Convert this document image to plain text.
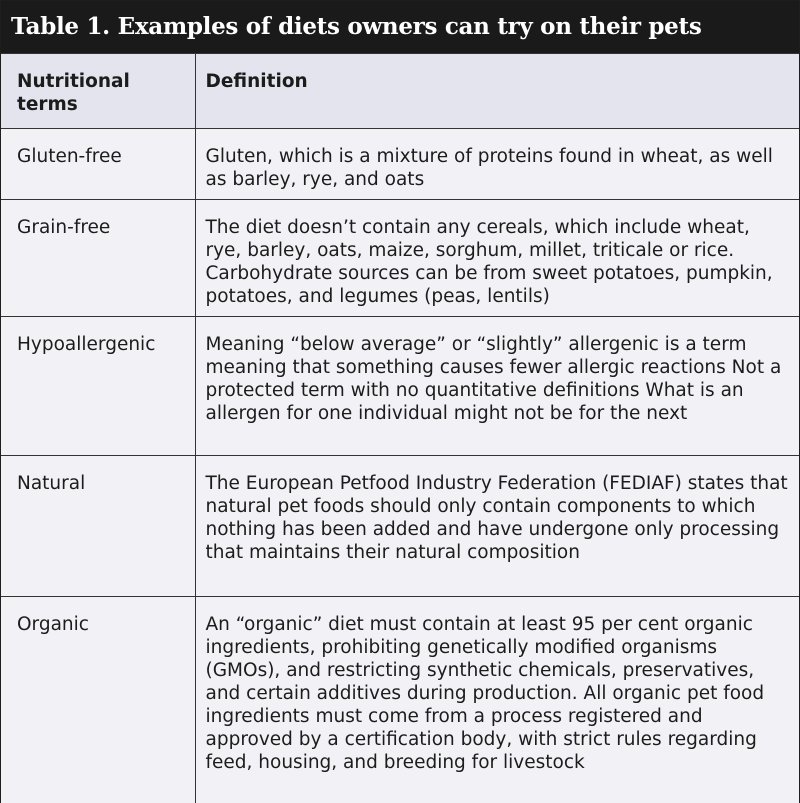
Table 1. Examples of diets owners can try on their pets
Nutritional terms	Definition
Gluten-free	Gluten, which is a mixture of proteins found in wheat, as well as barley, rye, and oats
Grain-free	The diet doesn’t contain any cereals, which include wheat, rye, barley, oats, maize, sorghum, millet, triticale or rice. Carbohydrate sources can be from sweet potatoes, pumpkin, potatoes, and legumes (peas, lentils)
Hypoallergenic	Meaning “below average” or “slightly” allergenic is a term meaning that something causes fewer allergic reactions Not a protected term with no quantitative definitions What is an allergen for one individual might not be for the next
Natural	The European Petfood Industry Federation (FEDIAF) states that natural pet foods should only contain components to which nothing has been added and have undergone only processing that maintains their natural composition
Organic	An “organic” diet must contain at least 95 per cent organic ingredients, prohibiting genetically modified organisms (GMOs), and restricting synthetic chemicals, preservatives, and certain additives during production. All organic pet food ingredients must come from a process registered and approved by a certification body, with strict rules regarding feed, housing, and breeding for livestock
